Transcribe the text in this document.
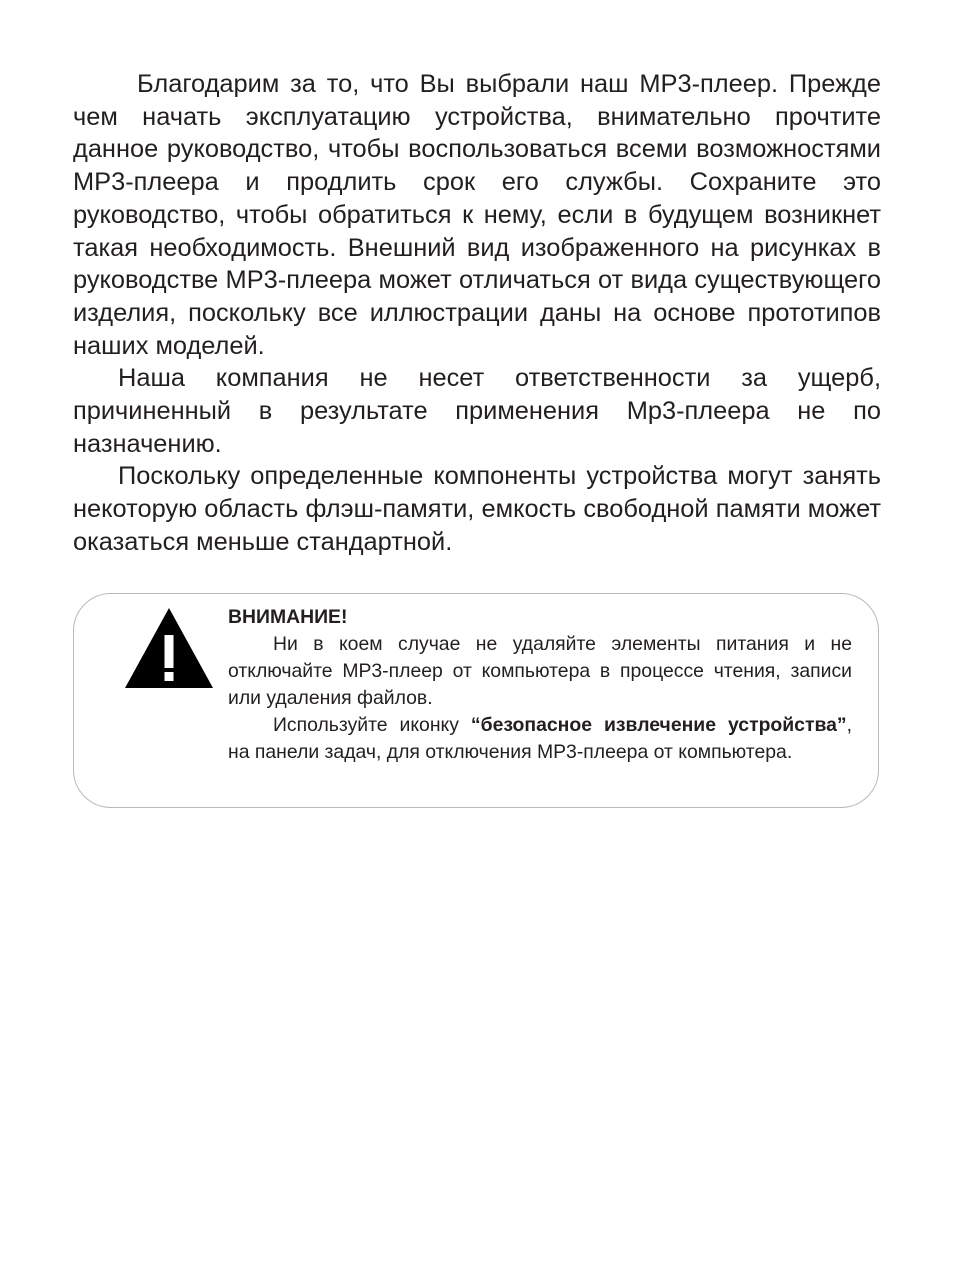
Благодарим за то, что Вы выбрали наш МР3-плеер. Прежде чем начать эксплуатацию устройства, внимательно прочтите данное руководство, чтобы воспользоваться всеми возможностями МР3-плеера и продлить срок его службы. Сохраните это руководство, чтобы обратиться к нему, если в будущем возникнет такая необходимость. Внешний вид изображенного на рисунках в руководстве МР3-плеера может отличаться от вида существующего изделия, поскольку все иллюстрации даны на основе прототипов наших моделей.

Наша компания не несет ответственности за ущерб, причиненный в результате применения Мр3-плеера не по назначению.

Поскольку определенные компоненты устройства могут занять некоторую область флэш-памяти, емкость свободной памяти может оказаться меньше стандартной.

ВНИМАНИЕ!

Ни в коем случае не удаляйте элементы питания и не отключайте МР3-плеер от компьютера в процессе чтения, записи или удаления файлов.

Используйте иконку “безопасное извлечение устройства”, на панели задач, для отключения МР3-плеера от компьютера.
